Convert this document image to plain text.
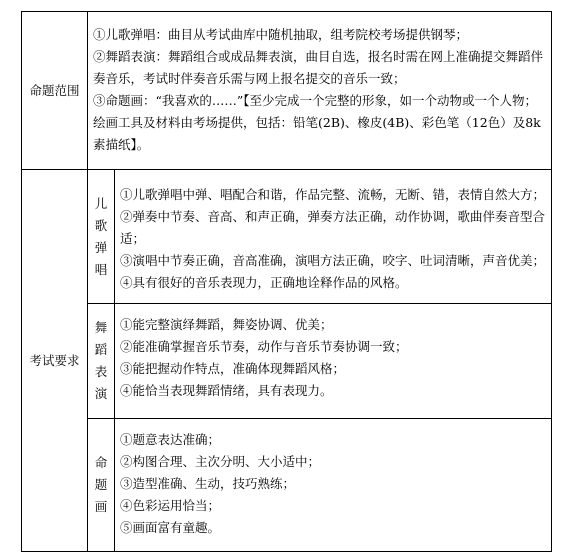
命题范围	①儿歌弹唱：曲目从考试曲库中随机抽取，组考院校考场提供钢琴；
②舞蹈表演：舞蹈组合或成品舞表演，曲目自选，报名时需在网上准确提交舞蹈伴奏音乐，考试时伴奏音乐需与网上报名提交的音乐一致；
③命题画：“我喜欢的……”【至少完成一个完整的形象，如一个动物或一个人物；绘画工具及材料由考场提供，包括：铅笔(2B)、橡皮(4B)、彩色笔（12色）及8k素描纸】。	

考试要求	儿
歌
弹
唱	①儿歌弹唱中弹、唱配合和谐，作品完整、流畅，无断、错，表情自然大方；
②弹奏中节奏、音高、和声正确，弹奏方法正确，动作协调，歌曲伴奏音型合适；
③演唱中节奏正确，音高准确，演唱方法正确，咬字、吐词清晰，声音优美；
④具有很好的音乐表现力，正确地诠释作品的风格。

	舞
蹈
表
演	①能完整演绎舞蹈，舞姿协调、优美；
②能准确掌握音乐节奏，动作与音乐节奏协调一致；
③能把握动作特点，准确体现舞蹈风格；
④能恰当表现舞蹈情绪，具有表现力。

	命
题
画	①题意表达准确；
②构图合理、主次分明、大小适中；
③造型准确、生动，技巧熟练；
④色彩运用恰当；
⑤画面富有童趣。
